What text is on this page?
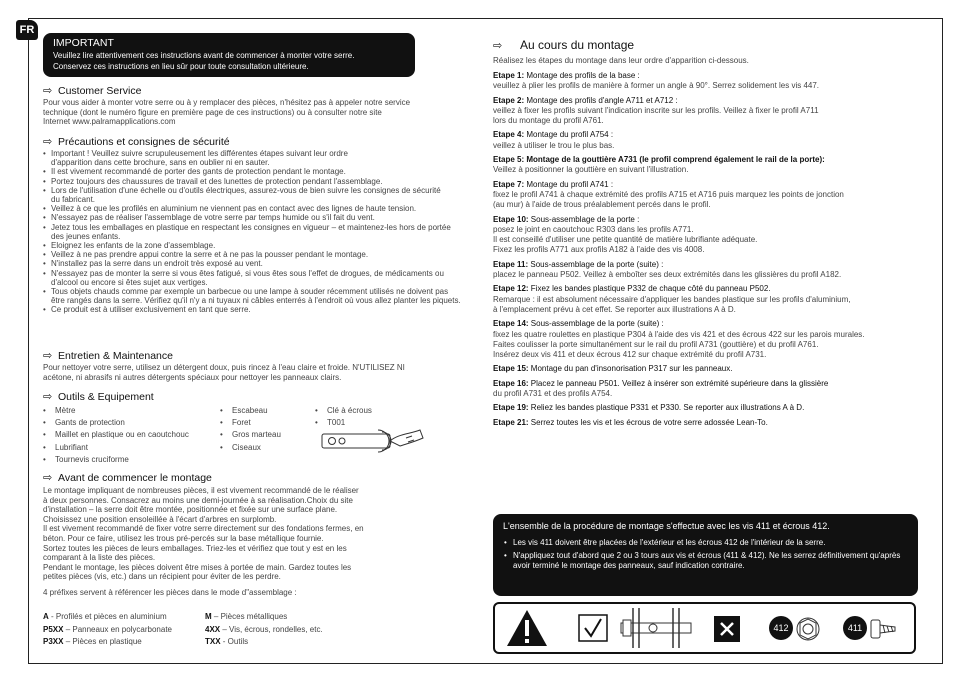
FR
IMPORTANT

Veuillez lire attentivement ces instructions avant de commencer à monter votre serre.
Conservez ces instructions en lieu sûr pour toute consultation ultérieure.

⇨ Customer Service

Pour vous aider à monter votre serre ou à y remplacer des pièces, n'hésitez pas à appeler notre service

technique (dont le numéro figure en première page de ces instructions) ou à consulter notre site

Internet www.palramapplications.com

⇨ Précautions et consignes de sécurité
• Important ! Veuillez suivre scrupuleusement les différentes étapes suivant leur ordre d'apparition dans cette brochure, sans en oublier ni en sauter.
• Il est vivement recommandé de porter des gants de protection pendant le montage.
• Portez toujours des chaussures de travail et des lunettes de protection pendant l'assemblage.
• Lors de l'utilisation d'une échelle ou d'outils électriques, assurez-vous de bien suivre les consignes de sécurité du fabricant.
• Veillez à ce que les profilés en aluminium ne viennent pas en contact avec des lignes de haute tension.
• N'essayez pas de réaliser l'assemblage de votre serre par temps humide ou s'il fait du vent.
• Jetez tous les emballages en plastique en respectant les consignes en vigueur – et maintenez-les hors de portée des jeunes enfants.
• Eloignez les enfants de la zone d'assemblage.
• Veillez à ne pas prendre appui contre la serre et à ne pas la pousser pendant le montage.
• N'installez pas la serre dans un endroit très exposé au vent.
• N'essayez pas de monter la serre si vous êtes fatigué, si vous êtes sous l'effet de drogues, de médicaments ou d'alcool ou encore si êtes sujet aux vertiges.
• Tous objets chauds comme par exemple un barbecue ou une lampe à souder récemment utilisés ne doivent pas être rangés dans la serre. Vérifiez qu'il n'y a ni tuyaux ni câbles enterrés à l'endroit où vous allez planter les piquets.
• Ce produit est à utiliser exclusivement en tant que serre.
⇨ Entretien & Maintenance

Pour nettoyer votre serre, utilisez un détergent doux, puis rincez à l'eau claire et froide. N'UTILISEZ NI

acétone, ni abrasifs ni autres détergents spéciaux pour nettoyer les panneaux clairs.

⇨ Outils & Equipement
• Mètre
• Gants de protection
• Maillet en plastique ou en caoutchouc
• Lubrifiant
• Tournevis cruciforme
• Escabeau
• Foret
• Gros marteau
• Ciseaux
• Clé à écrous
• T001
⇨ Avant de commencer le montage

Le montage impliquant de nombreuses pièces, il est vivement recommandé de le réaliser

à deux personnes. Consacrez au moins une demi-journée à sa réalisation.Choix du site

d'installation – la serre doit être montée, positionnée et fixée sur une surface plane.

Choisissez une position ensoleillée à l'écart d'arbres en surplomb.

Il est vivement recommandé de fixer votre serre directement sur des fondations fermes, en

béton. Pour ce faire, utilisez les trous pré-percés sur la base métallique fournie.

Sortez toutes les pièces de leurs emballages. Triez-les et vérifiez que tout y est en les

comparant à la liste des pièces.

Pendant le montage, les pièces doivent être mises à portée de main. Gardez toutes les

petites pièces (vis, etc.) dans un récipient pour éviter de les perdre.

4 préfixes servent à référencer les pièces dans le mode d"assemblage :

A - Profilés et pièces en aluminium	M – Pièces métalliques
P5XX – Panneaux en polycarbonate	4XX – Vis, écrous, rondelles, etc.
P3XX – Pièces en plastique	TXX - Outils
⇨ Au cours du montage
Réalisez les étapes du montage dans leur ordre d'apparition ci-dessous.
Etape 1: Montage des profils de la base :
veuillez à plier les profils de manière à former un angle à 90°. Serrez solidement les vis 447.
Etape 2: Montage des profils d'angle A711 et A712 :
veillez à fixer les profils suivant l'indication inscrite sur les profils. Veillez à fixer le profil A711
lors du montage du profil A761.
Etape 4: Montage du profil A754 :
veillez à utiliser le trou le plus bas.
Etape 5: Montage de la gouttière A731 (le profil comprend également le rail de la porte):
Veillez à positionner la gouttière en suivant l'illustration.
Etape 7: Montage du profil A741 :
fixez le profil A741 à chaque extrémité des profils A715 et A716 puis marquez les points de jonction
(au mur) à l'aide de trous préalablement percés dans le profil.
Etape 10: Sous-assemblage de la porte :
posez le joint en caoutchouc R303 dans les profils A771.
Il est conseillé d'utiliser une petite quantité de matière lubrifiante adéquate.
Fixez les profils A771 aux profils A182 à l'aide des vis 4008.
Etape 11: Sous-assemblage de la porte (suite) :
placez le panneau P502. Veillez à emboîter ses deux extrémités dans les glissières du profil A182.
Etape 12: Fixez les bandes plastique P332 de chaque côté du panneau P502.
Remarque : il est absolument nécessaire d'appliquer les bandes plastique sur les profils d'aluminium,
à l'emplacement prévu à cet effet. Se reporter aux illustrations A à D.
Etape 14: Sous-assemblage de la porte (suite) :
fixez les quatre roulettes en plastique P304 à l'aide des vis 421 et des écrous 422 sur les parois murales.
Faites coulisser la porte simultanément sur le rail du profil A731 (gouttière) et du profil A761.
Insérez deux vis 411 et deux écrous 412 sur chaque extrémité du profil A731.
Etape 15: Montage du pan d'insonorisation P317 sur les panneaux.
Etape 16: Placez le panneau P501. Veillez à insérer son extrémité supérieure dans la glissière
du profil A731 et des profils A754.
Etape 19: Reliez les bandes plastique P331 et P330. Se reporter aux illustrations A à D.
Etape 21: Serrez toutes les vis et les écrous de votre serre adossée Lean-To.
L'ensemble de la procédure de montage s'effectue avec les vis 411 et écrous 412.
• Les vis 411 doivent être placées de l'extérieur et les écrous 412 de l'intérieur de la serre.
• N'appliquez tout d'abord que 2 ou 3 tours aux vis et écrous (411 & 412). Ne les serrez définitivement qu'après avoir terminé le montage des panneaux, sauf indication contraire.
412	411
